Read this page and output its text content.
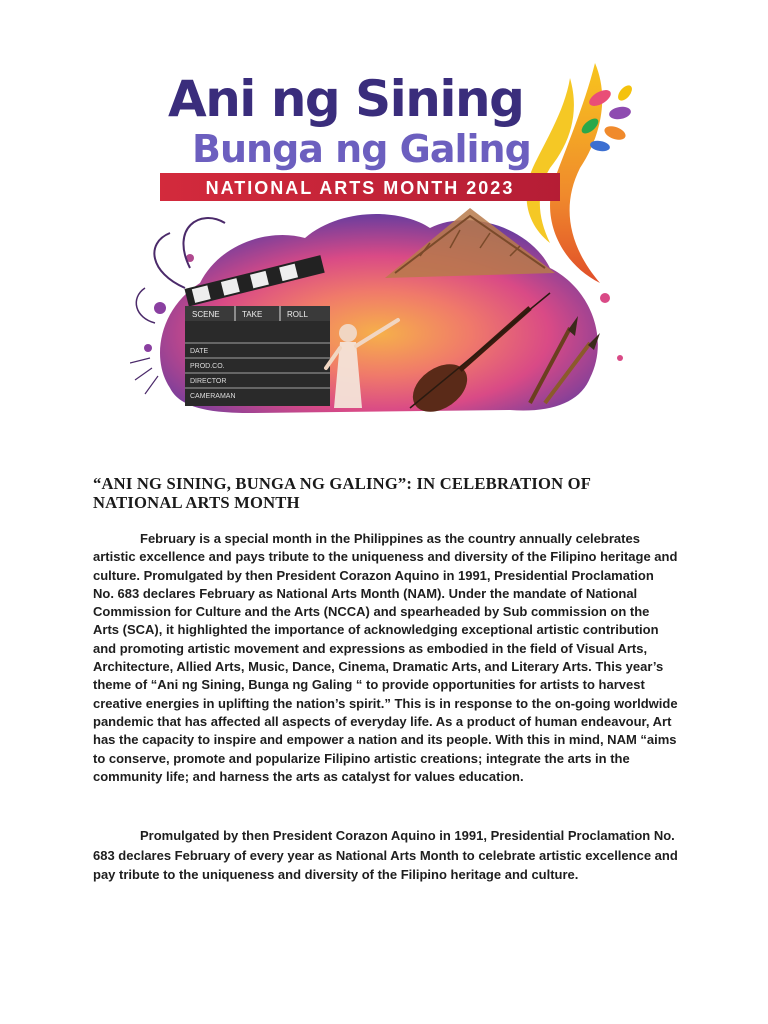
Ani ng Sining
Bunga ng Galing
NATIONAL ARTS MONTH 2023
SCENE	TAKE	ROLL
DATE
PROD.CO.
DIRECTOR
CAMERAMAN
“ANI NG SINING, BUNGA NG GALING”: IN CELEBRATION OF NATIONAL ARTS MONTH

February is a special month in the Philippines as the country annually celebrates artistic excellence and pays tribute to the uniqueness and diversity of the Filipino heritage and culture. Promulgated by then President Corazon Aquino in 1991, Presidential Proclamation No. 683 declares February as National Arts Month (NAM). Under the mandate of National Commission for Culture and the Arts (NCCA) and spearheaded by Sub commission on the Arts (SCA), it highlighted the importance of acknowledging exceptional artistic contribution and promoting artistic movement and expressions as embodied in the field of Visual Arts, Architecture, Allied Arts, Music, Dance, Cinema, Dramatic Arts, and Literary Arts. This year’s theme of “Ani ng Sining, Bunga ng Galing “ to provide opportunities for artists to harvest creative energies in uplifting the nation’s spirit.” This is in response to the on-going worldwide pandemic that has affected all aspects of everyday life. As a product of human endeavour, Art has the capacity to inspire and empower a nation and its people. With this in mind, NAM “aims to conserve, promote and popularize Filipino artistic creations; integrate the arts in the community life; and harness the arts as catalyst for values education.

Promulgated by then President Corazon Aquino in 1991, Presidential Proclamation No. 683 declares February of every year as National Arts Month to celebrate artistic excellence and pay tribute to the uniqueness and diversity of the Filipino heritage and culture.
